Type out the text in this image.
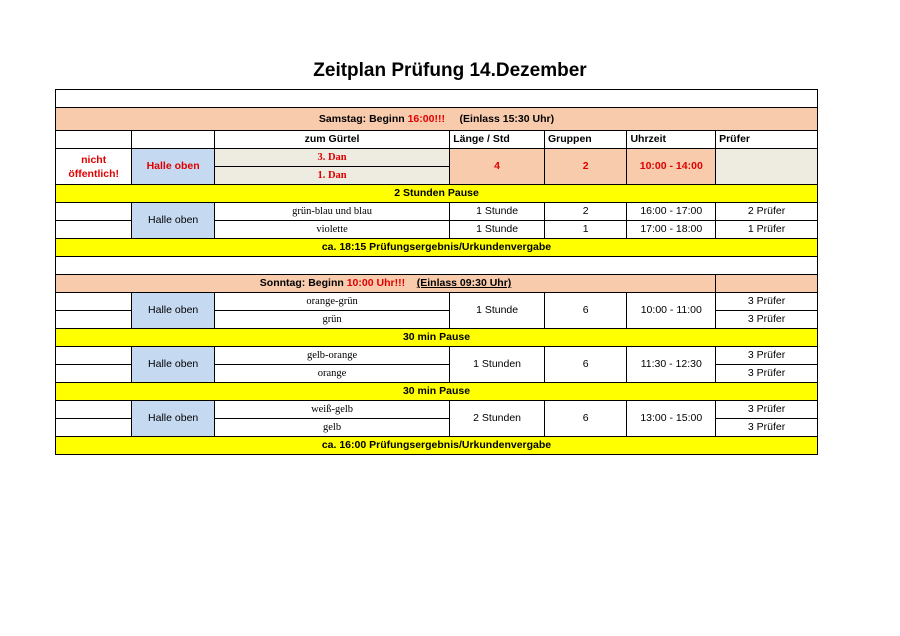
Zeitplan Prüfung 14.Dezember

Samstag: Beginn 16:00!!! (Einlass 15:30 Uhr)						
		zum Gürtel	Länge / Std	Gruppen	Uhrzeit	Prüfer
nicht öffentlich!	Halle oben	3. Dan	4	2	10:00 - 14:00	
		1. Dan				
2 Stunden Pause						
	Halle oben	grün-blau und blau	1 Stunde	2	16:00 - 17:00	2 Prüfer
		violette	1 Stunde	1	17:00 - 18:00	1 Prüfer
ca. 18:15 Prüfungsergebnis/Urkundenvergabe						

Sonntag: Beginn 10:00 Uhr!!! (Einlass 09:30 Uhr)						
	Halle oben	orange-grün	1 Stunde	6	10:00 - 11:00	3 Prüfer
		grün				3 Prüfer
30 min Pause						
	Halle oben	gelb-orange	1 Stunden	6	11:30 - 12:30	3 Prüfer
		orange				3 Prüfer
30 min Pause						
	Halle oben	weiß-gelb	2 Stunden	6	13:00 - 15:00	3 Prüfer
		gelb				3 Prüfer
ca. 16:00 Prüfungsergebnis/Urkundenvergabe						
